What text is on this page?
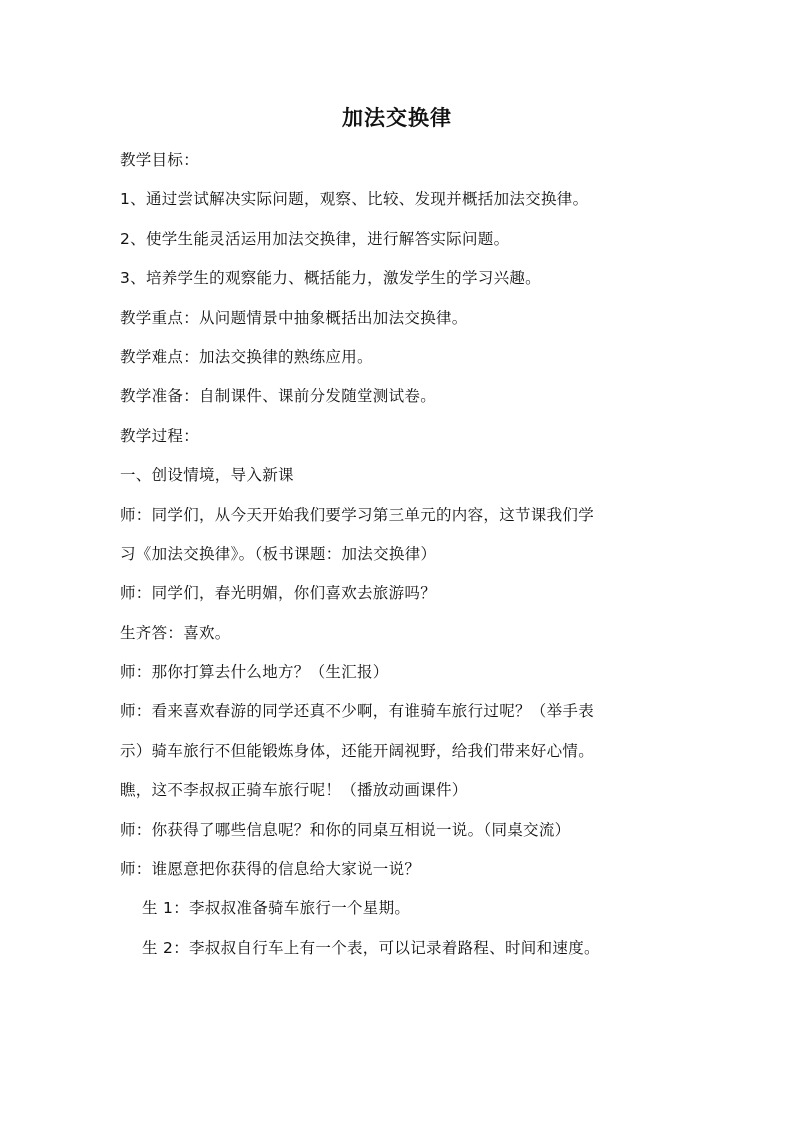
加法交换律
教学目标：
1、通过尝试解决实际问题，观察、比较、发现并概括加法交换律。
2、使学生能灵活运用加法交换律，进行解答实际问题。
3、培养学生的观察能力、概括能力，激发学生的学习兴趣。
教学重点：从问题情景中抽象概括出加法交换律。
教学难点：加法交换律的熟练应用。
教学准备：自制课件、课前分发随堂测试卷。
教学过程：
一、创设情境，导入新课
师：同学们，从今天开始我们要学习第三单元的内容，这节课我们学
习《加法交换律》。（板书课题：加法交换律）
师：同学们，春光明媚，你们喜欢去旅游吗？
生齐答：喜欢。
师：那你打算去什么地方？（生汇报）
师：看来喜欢春游的同学还真不少啊，有谁骑车旅行过呢？（举手表
示）骑车旅行不但能锻炼身体，还能开阔视野，给我们带来好心情。
瞧，这不李叔叔正骑车旅行呢！（播放动画课件）
师：你获得了哪些信息呢？和你的同桌互相说一说。（同桌交流）
师：谁愿意把你获得的信息给大家说一说？
生 1：李叔叔准备骑车旅行一个星期。
生 2：李叔叔自行车上有一个表，可以记录着路程、时间和速度。
